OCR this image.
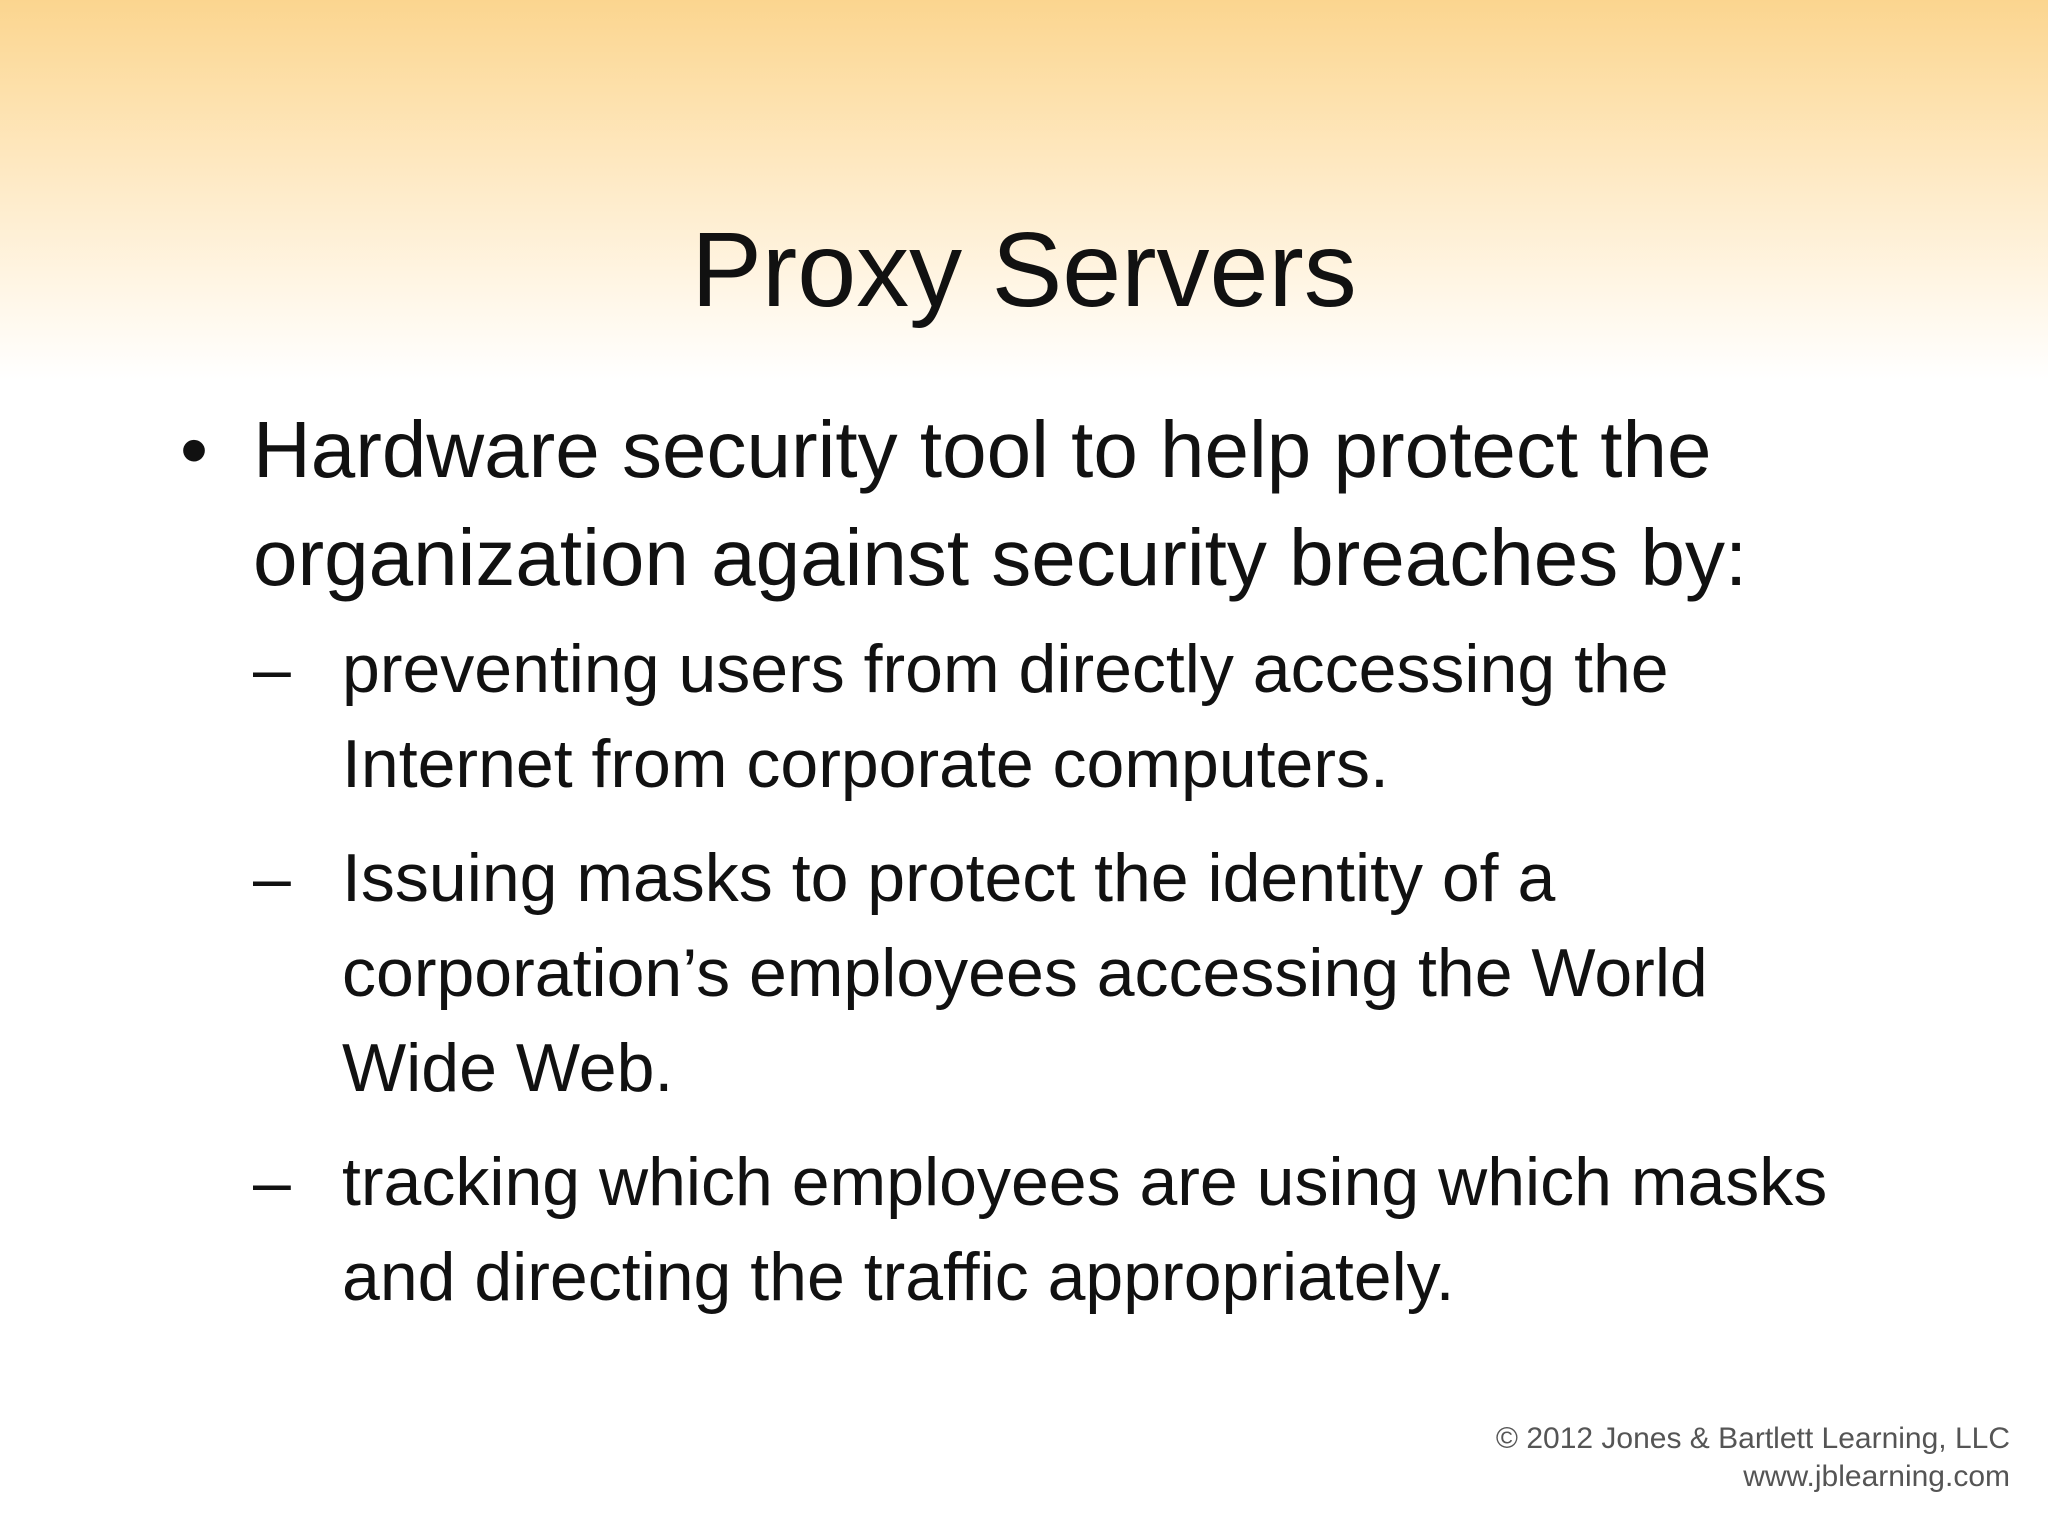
Proxy Servers
• Hardware security tool to help protect the organization against security breaches by:
– preventing users from directly accessing the Internet from corporate computers.
– Issuing masks to protect the identity of a corporation’s employees accessing the World Wide Web.
– tracking which employees are using which masks and directing the traffic appropriately.
© 2012 Jones & Bartlett Learning, LLC
www.jblearning.com
